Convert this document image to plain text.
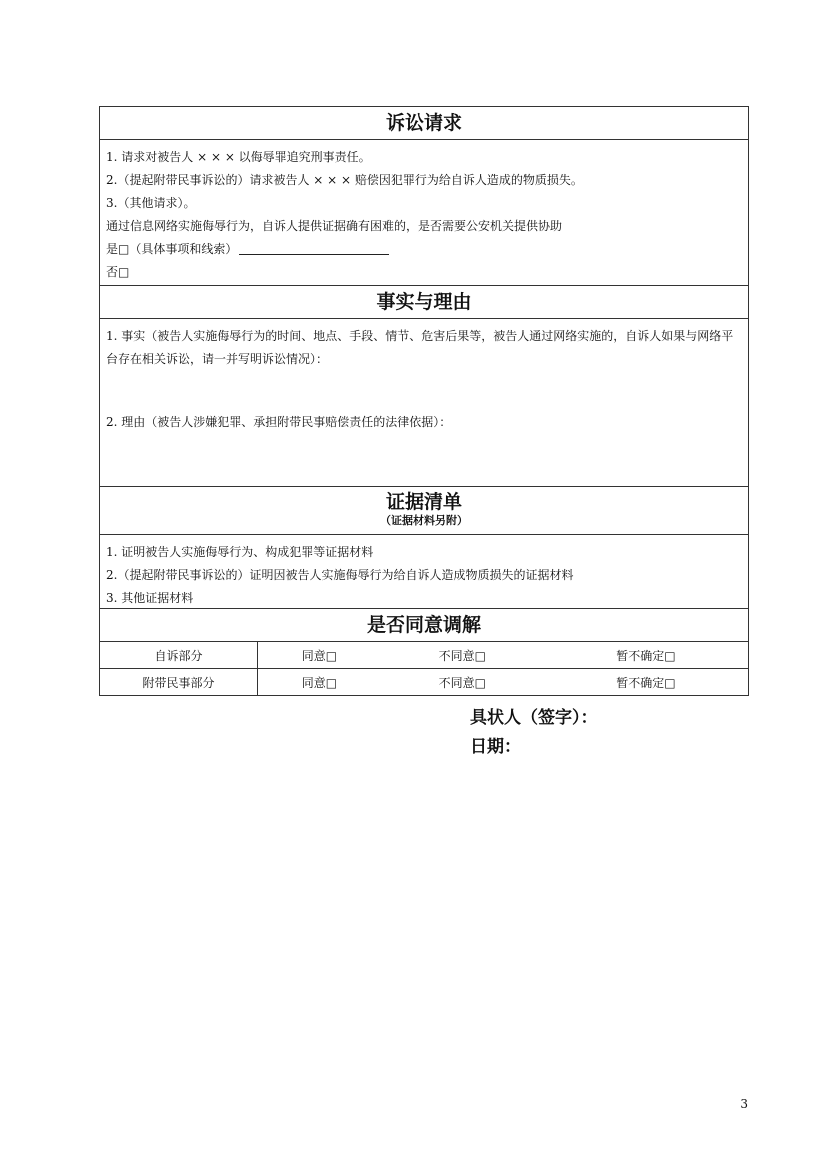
诉讼请求
1. 请求对被告人 × × × 以侮辱罪追究刑事责任。
2.（提起附带民事诉讼的）请求被告人 × × × 赔偿因犯罪行为给自诉人造成的物质损失。
3.（其他请求）。
通过信息网络实施侮辱行为，自诉人提供证据确有困难的，是否需要公安机关提供协助
是□（具体事项和线索）
否□
事实与理由
1. 事实（被告人实施侮辱行为的时间、地点、手段、情节、危害后果等，被告人通过网络实施的，自诉人如果与网络平台存在相关诉讼，请一并写明诉讼情况）：
2. 理由（被告人涉嫌犯罪、承担附带民事赔偿责任的法律依据）：
证据清单
（证据材料另附）
1. 证明被告人实施侮辱行为、构成犯罪等证据材料
2.（提起附带民事诉讼的）证明因被告人实施侮辱行为给自诉人造成物质损失的证据材料
3. 其他证据材料
是否同意调解
自诉部分	同意□	不同意□	暂不确定□
附带民事部分	同意□	不同意□	暂不确定□
具状人（签字）：
日期：
3
